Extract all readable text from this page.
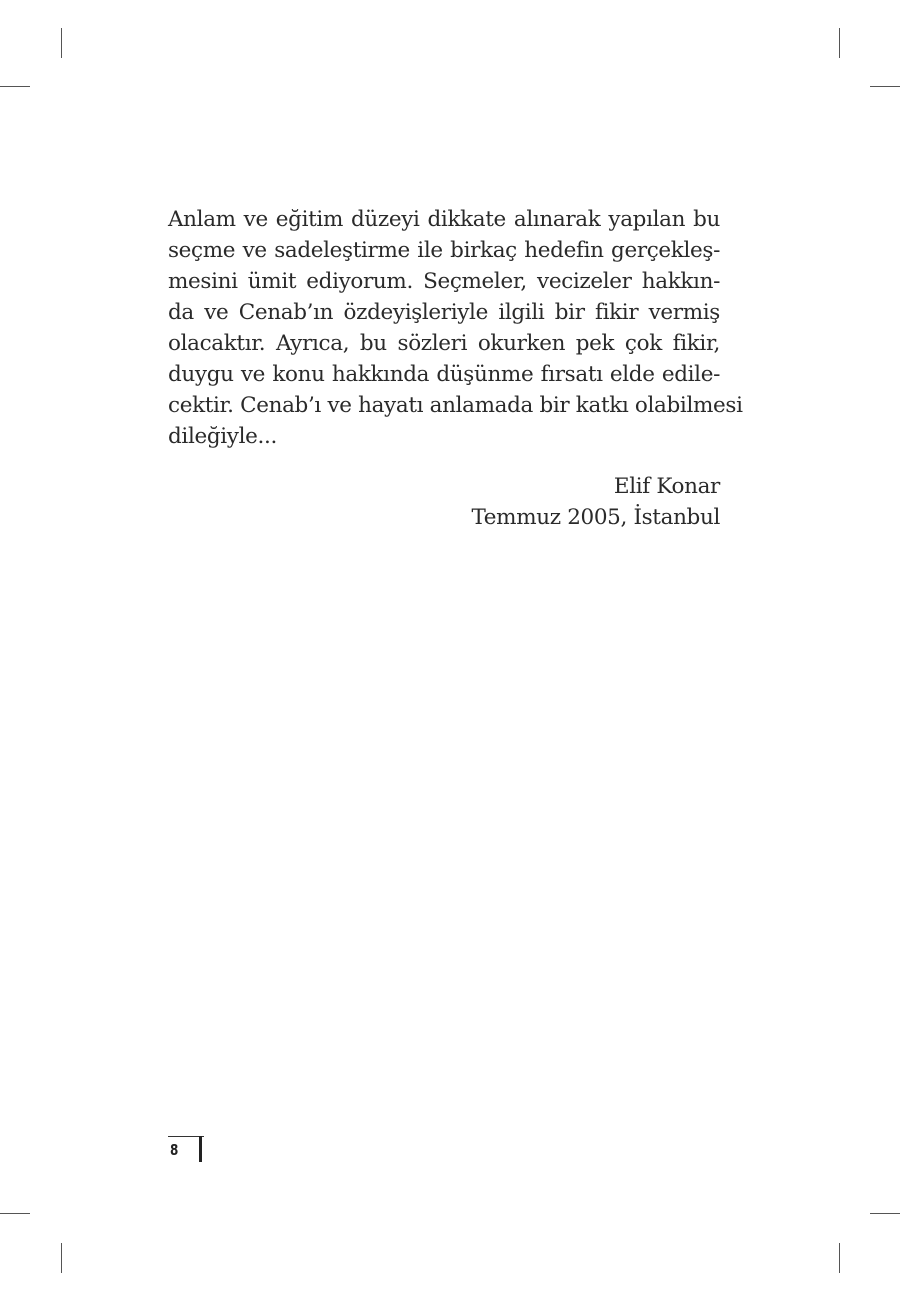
Anlam ve eğitim düzeyi dikkate alınarak yapılan bu
seçme ve sadeleştirme ile birkaç hedefin gerçekleş-
mesini ümit ediyorum. Seçmeler, vecizeler hakkın-
da ve Cenab’ın özdeyişleriyle ilgili bir fikir vermiş
olacaktır. Ayrıca, bu sözleri okurken pek çok fikir,
duygu ve konu hakkında düşünme fırsatı elde edile-
cektir. Cenab’ı ve hayatı anlamada bir katkı olabilmesi
dileğiyle...
Elif Konar
Temmuz 2005, İstanbul
8
